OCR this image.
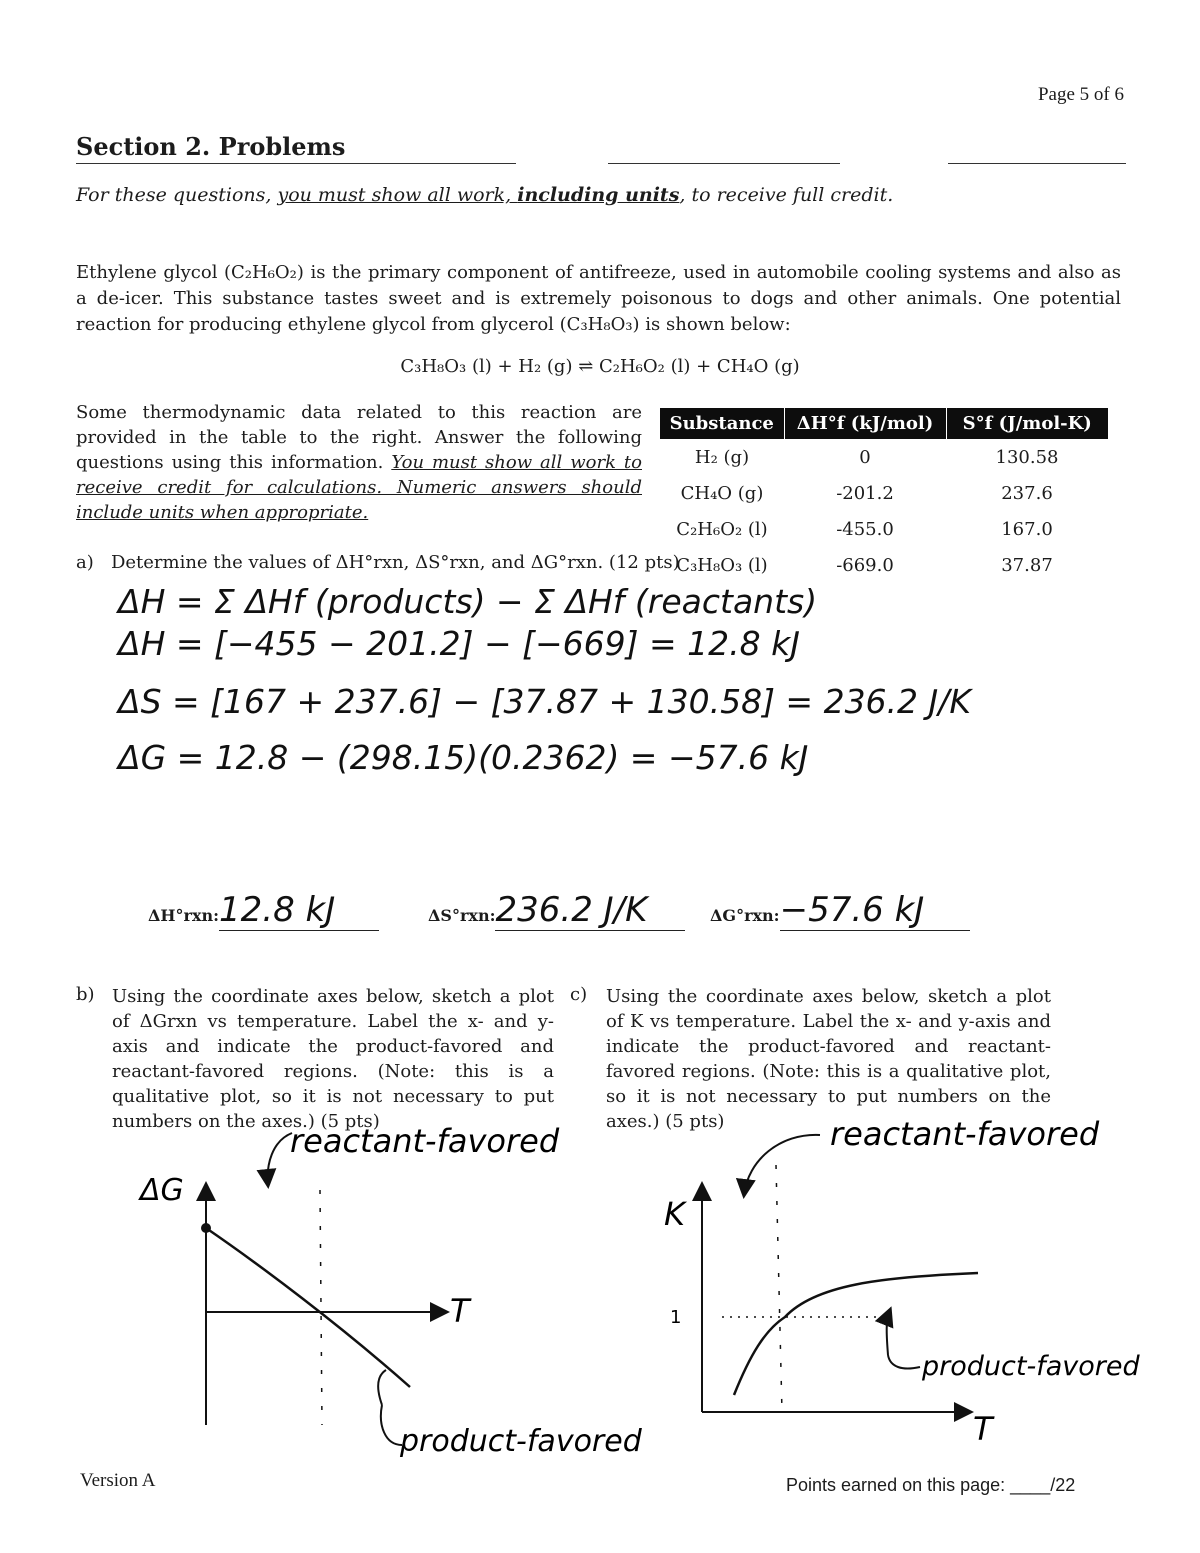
Page 5 of 6
Section 2. Problems
For these questions, you must show all work, including units, to receive full credit.
Ethylene glycol (C₂H₆O₂) is the primary component of antifreeze, used in automobile cooling systems and also as a de-icer. This substance tastes sweet and is extremely poisonous to dogs and other animals. One potential reaction for producing ethylene glycol from glycerol (C₃H₈O₃) is shown below:
C₃H₈O₃ (l) + H₂ (g) ⇌ C₂H₆O₂ (l) + CH₄O (g)
Some thermodynamic data related to this reaction are provided in the table to the right. Answer the following questions using this information. You must show all work to receive credit for calculations. Numeric answers should include units when appropriate.
Substance	ΔH°f (kJ/mol)	S°f (J/mol-K)
H₂ (g)	0	130.58
CH₄O (g)	-201.2	237.6
C₂H₆O₂ (l)	-455.0	167.0
C₃H₈O₃ (l)	-669.0	37.87
a) Determine the values of ΔH°rxn, ΔS°rxn, and ΔG°rxn. (12 pts)
ΔH = Σ ΔHf (products) − Σ ΔHf (reactants)
ΔH = [−455 − 201.2] − [−669] = 12.8 kJ
ΔS = [167 + 237.6] − [37.87 + 130.58] = 236.2 J/K
ΔG = 12.8 − (298.15)(0.2362) = −57.6 kJ
ΔH°rxn:12.8 kJ	ΔS°rxn:236.2 J/K	ΔG°rxn:−57.6 kJ
b) Using the coordinate axes below, sketch a plot of ΔGrxn vs temperature. Label the x- and y-axis and indicate the product-favored and reactant-favored regions. (Note: this is a qualitative plot, so it is not necessary to put numbers on the axes.) (5 pts)
c) Using the coordinate axes below, sketch a plot of K vs temperature. Label the x- and y-axis and indicate the product-favored and reactant-favored regions. (Note: this is a qualitative plot, so it is not necessary to put numbers on the axes.) (5 pts)
ΔG
T
reactant-favored
product-favored
1
K
T
reactant-favored
product-favored
Version A	Points earned on this page: ____/22
